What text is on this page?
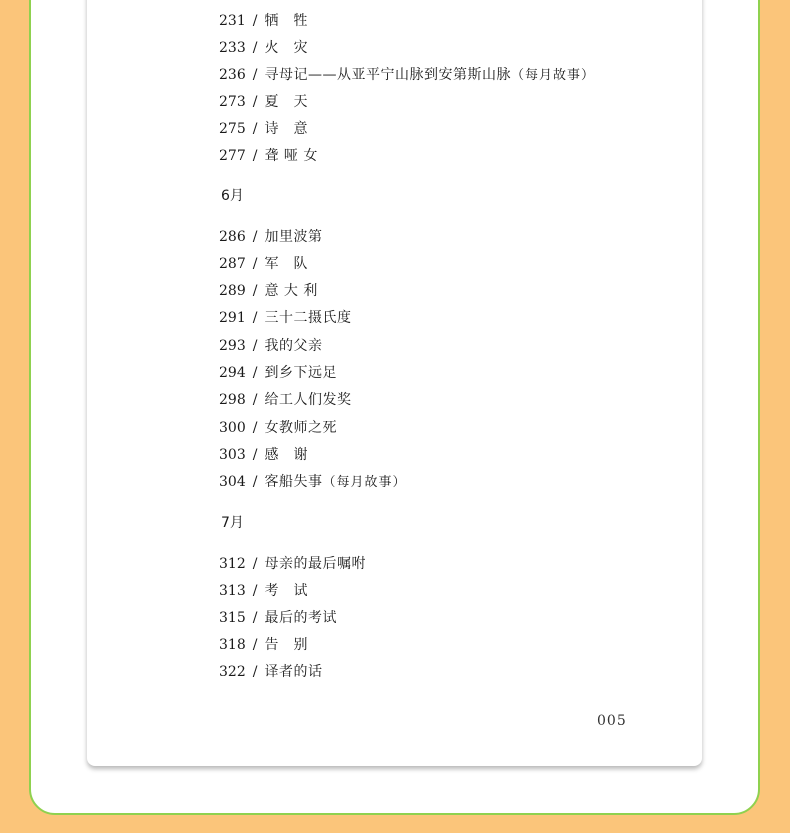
231 / 牺　牲
233 / 火　灾
236 / 寻母记——从亚平宁山脉到安第斯山脉（每月故事）
273 / 夏　天
275 / 诗　意
277 / 聋 哑 女
6月
286 / 加里波第
287 / 军　队
289 / 意 大 利
291 / 三十二摄氏度
293 / 我的父亲
294 / 到乡下远足
298 / 给工人们发奖
300 / 女教师之死
303 / 感　谢
304 / 客船失事（每月故事）
7月
312 / 母亲的最后嘱咐
313 / 考　试
315 / 最后的考试
318 / 告　别
322 / 译者的话
005
